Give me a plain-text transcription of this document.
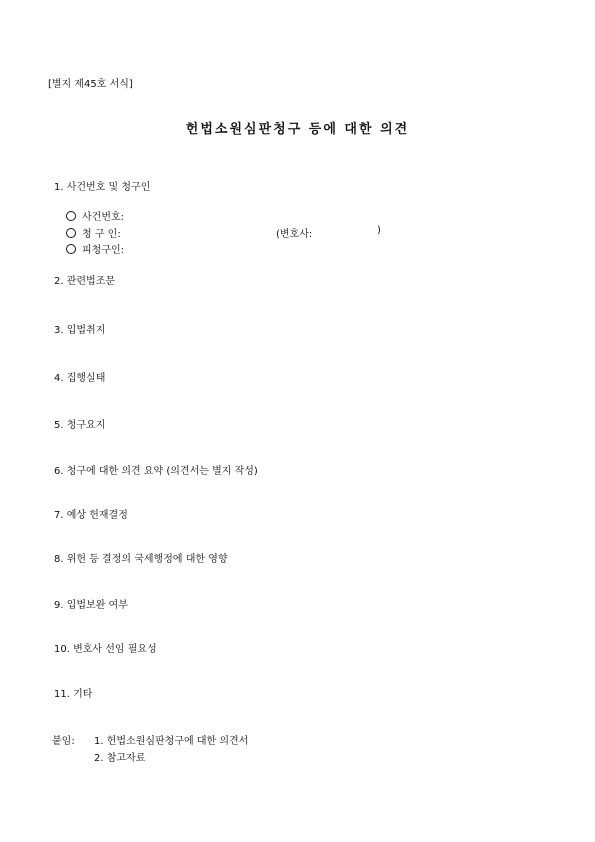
[별지 제45호 서식]
헌법소원심판청구 등에 대한 의견
1. 사건번호 및 청구인
사건번호:
청 구 인:	(변호사:	)
피청구인:
2. 관련법조문
3. 입법취지
4. 집행실태
5. 청구요지
6. 청구에 대한 의견 요약 (의견서는 별지 작성)
7. 예상 헌재결정
8. 위헌 등 결정의 국세행정에 대한 영향
9. 입법보완 여부
10. 변호사 선임 필요성
11. 기타
붙임: 1. 헌법소원심판청구에 대한 의견서
2. 참고자료
